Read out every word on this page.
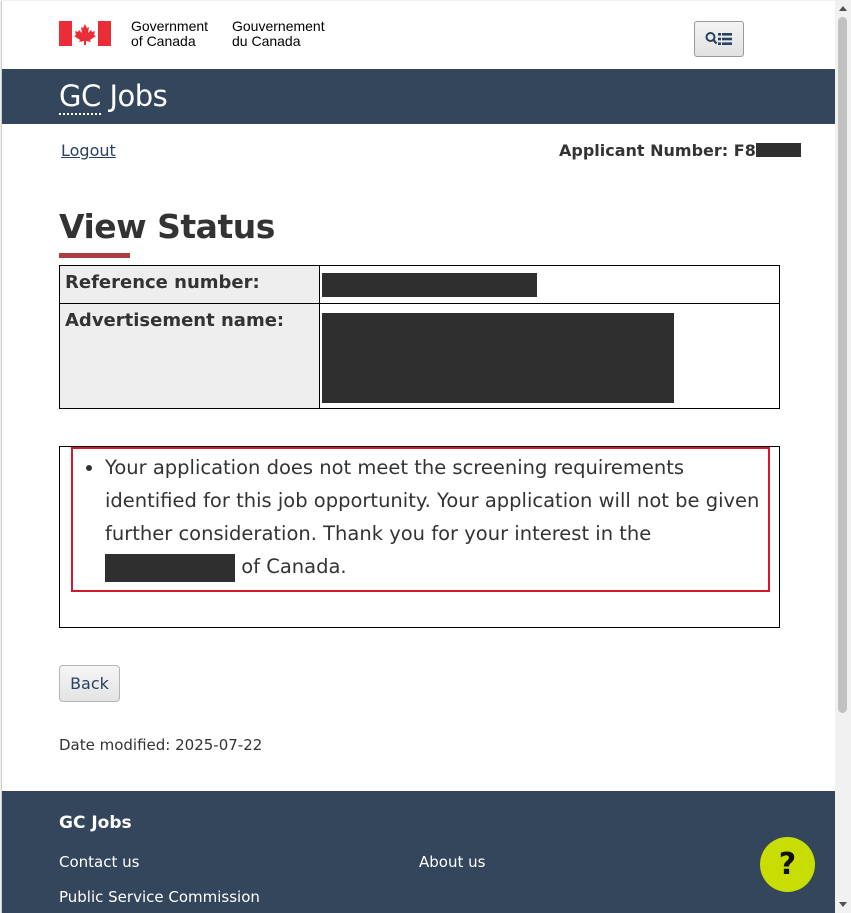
Government
of Canada
Gouvernement
du Canada
GC Jobs
Logout	Applicant Number: F8
View Status
Reference number:	
Advertisement name:	
• Your application does not meet the screening requirements identified for this job opportunity. Your application will not be given further consideration. Thank you for your interest in the  of Canada.
Back
Date modified: 2025-07-22
GC Jobs
Contact us	About us
Public Service Commission
?
